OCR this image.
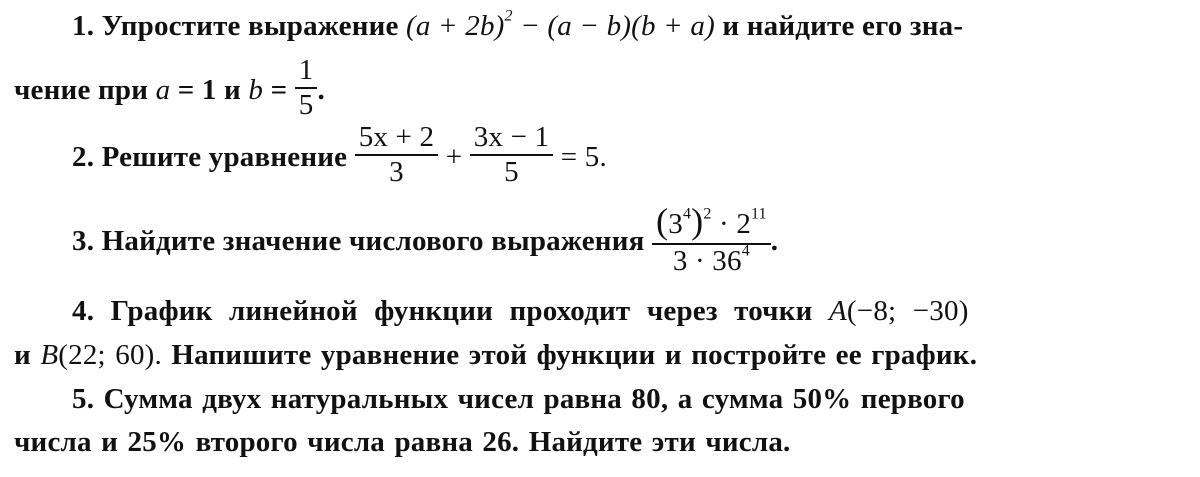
1. Упростите выражение $(a + 2b)^2 - (a - b)(b + a)$ и найдите его зна-
чение при a = 1 и $b = \frac{1}{5}$ .
2. Решите уравнение $\frac{5x + 2}{3} + \frac{3x - 1}{5} = 5$.
3. Найдите значение числового выражения $\frac{(3^4)^2 \cdot 2^{11}}{3 \cdot 36^4}$ .
4. График линейной функции проходит через точки A(−8; −30)
и B(22; 60). Напишите уравнение этой функции и постройте ее график.
5. Сумма двух натуральных чисел равна 80, а сумма 50% первого
числа и 25% второго числа равна 26. Найдите эти числа.
